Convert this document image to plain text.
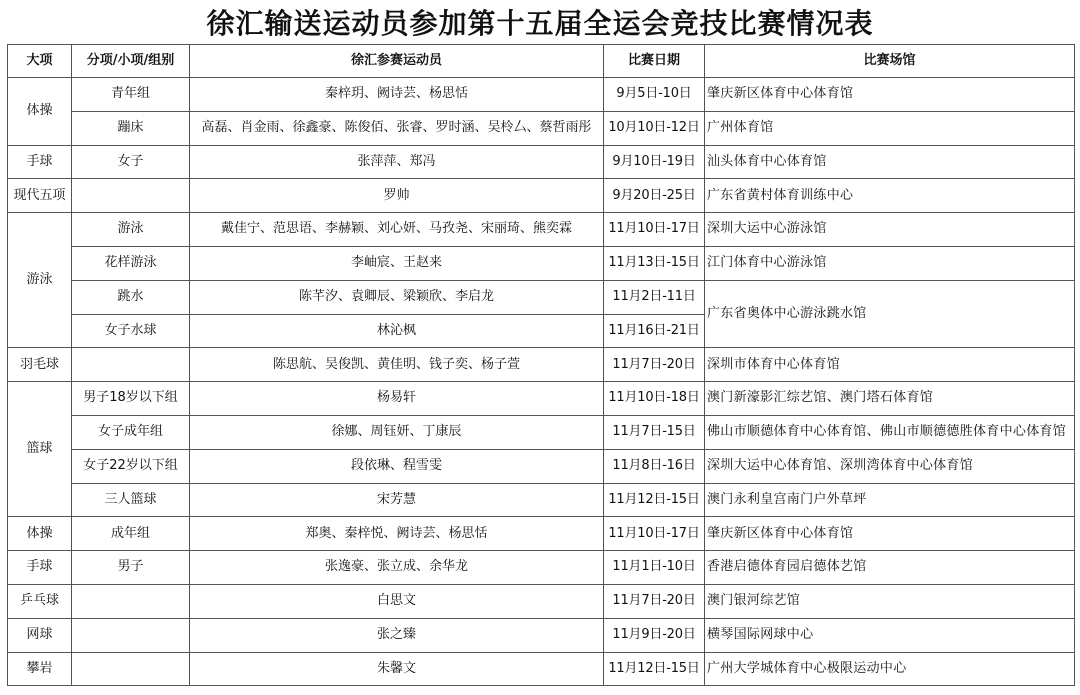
徐汇输送运动员参加第十五届全运会竞技比赛情况表
大项	分项/小项/组别	徐汇参赛运动员	比赛日期	比赛场馆
体操	青年组	秦梓玥、阙诗芸、杨思恬	9月5日-10日	肇庆新区体育中心体育馆
	蹦床	高磊、肖金雨、徐鑫豪、陈俊佰、张睿、罗时涵、吴柃厶、蔡哲雨彤	10月10日-12日	广州体育馆
手球	女子	张萍萍、郑冯	9月10日-19日	汕头体育中心体育馆
现代五项		罗帅	9月20日-25日	广东省黄村体育训练中心
游泳	游泳	戴佳宁、范思语、李赫颖、刘心妍、马孜尧、宋丽琦、熊奕霖	11月10日-17日	深圳大运中心游泳馆
	花样游泳	李岫宸、王赵来	11月13日-15日	江门体育中心游泳馆
	跳水	陈芊汐、袁卿辰、梁颖欣、李启龙	11月2日-11日	广东省奥体中心游泳跳水馆
	女子水球	林沁枫	11月16日-21日	
羽毛球		陈思航、吴俊凯、黄佳明、钱子奕、杨子萱	11月7日-20日	深圳市体育中心体育馆
篮球	男子18岁以下组	杨易轩	11月10日-18日	澳门新濠影汇综艺馆、澳门塔石体育馆
	女子成年组	徐娜、周钰妍、丁康辰	11月7日-15日	佛山市顺德体育中心体育馆、佛山市顺德德胜体育中心体育馆
	女子22岁以下组	段依琳、程雪雯	11月8日-16日	深圳大运中心体育馆、深圳湾体育中心体育馆
	三人篮球	宋芳慧	11月12日-15日	澳门永利皇宫南门户外草坪
体操	成年组	郑奥、秦梓悦、阙诗芸、杨思恬	11月10日-17日	肇庆新区体育中心体育馆
手球	男子	张逸豪、张立成、余华龙	11月1日-10日	香港启德体育园启德体艺馆
乒乓球		白思文	11月7日-20日	澳门银河综艺馆
网球		张之臻	11月9日-20日	横琴国际网球中心
攀岩		朱馨文	11月12日-15日	广州大学城体育中心极限运动中心
